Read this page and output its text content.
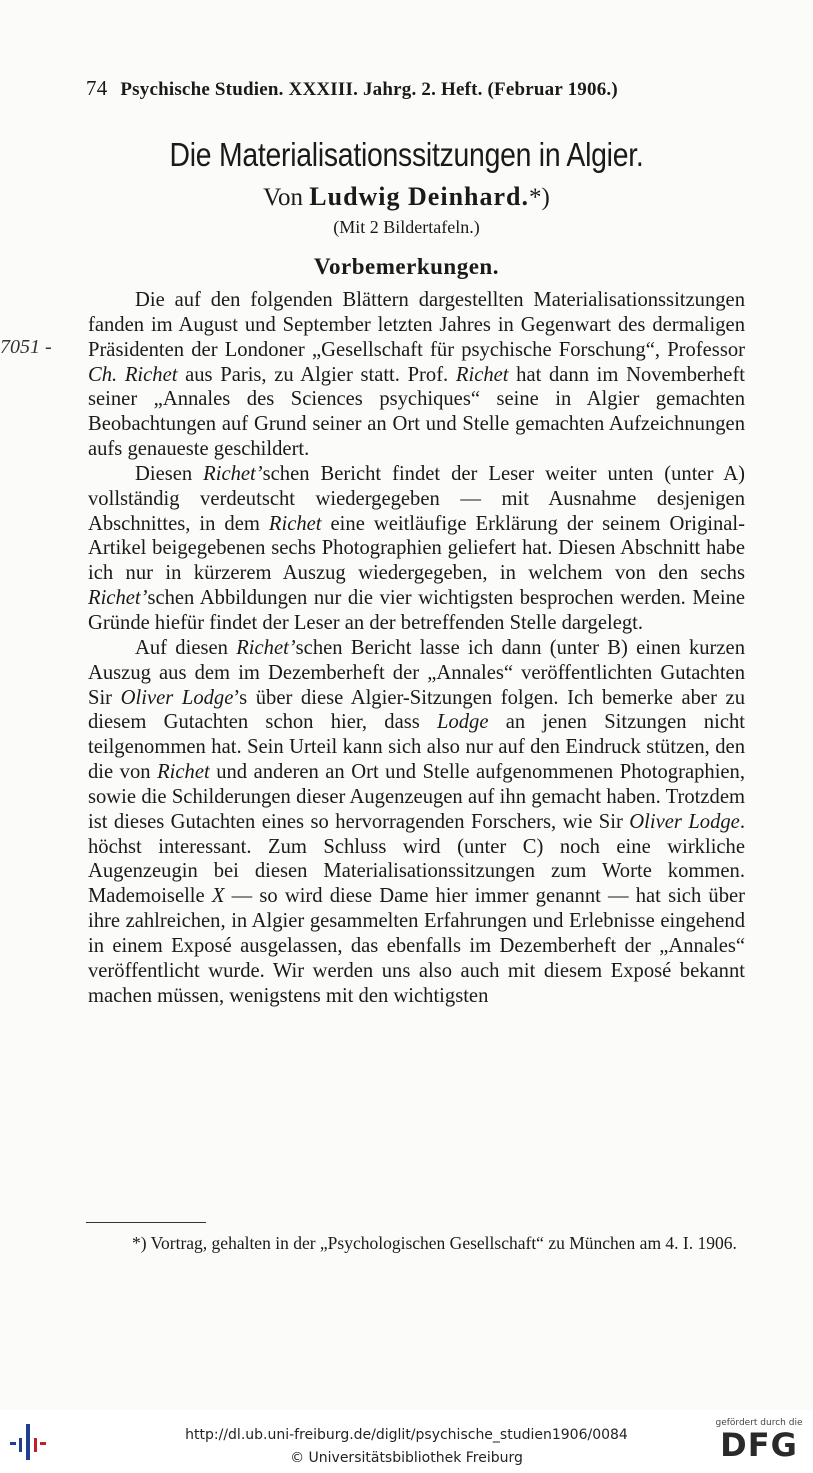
74 Psychische Studien. XXXIII. Jahrg. 2. Heft. (Februar 1906.)
Die Materialisationssitzungen in Algier.
Von Ludwig Deinhard.*)
(Mit 2 Bildertafeln.)
Vorbemerkungen.
7051 -

Die auf den folgenden Blättern dargestellten Materialisationssitzungen fanden im August und September letzten Jahres in Gegenwart des dermaligen Präsidenten der Londoner „Gesellschaft für psychische Forschung“, Professor Ch. Richet aus Paris, zu Algier statt. Prof. Richet hat dann im Novemberheft seiner „Annales des Sciences psychiques“ seine in Algier gemachten Beobachtungen auf Grund seiner an Ort und Stelle gemachten Aufzeichnungen aufs genaueste geschildert.

Diesen Richet’schen Bericht findet der Leser weiter unten (unter A) vollständig verdeutscht wiedergegeben — mit Ausnahme desjenigen Abschnittes, in dem Richet eine weitläufige Erklärung der seinem Original-Artikel beigegebenen sechs Photographien geliefert hat. Diesen Abschnitt habe ich nur in kürzerem Auszug wiedergegeben, in welchem von den sechs Richet’schen Abbildungen nur die vier wichtigsten besprochen werden. Meine Gründe hiefür findet der Leser an der betreffenden Stelle dargelegt.

Auf diesen Richet’schen Bericht lasse ich dann (unter B) einen kurzen Auszug aus dem im Dezemberheft der „Annales“ veröffentlichten Gutachten Sir Oliver Lodge’s über diese Algier-Sitzungen folgen. Ich bemerke aber zu diesem Gutachten schon hier, dass Lodge an jenen Sitzungen nicht teilgenommen hat. Sein Urteil kann sich also nur auf den Eindruck stützen, den die von Richet und anderen an Ort und Stelle aufgenommenen Photographien, sowie die Schilderungen dieser Augenzeugen auf ihn gemacht haben. Trotzdem ist dieses Gutachten eines so hervorragenden Forschers, wie Sir Oliver Lodge. höchst interessant. Zum Schluss wird (unter C) noch eine wirkliche Augenzeugin bei diesen Materialisationssitzungen zum Worte kommen. Mademoiselle X — so wird diese Dame hier immer genannt — hat sich über ihre zahlreichen, in Algier gesammelten Erfahrungen und Erlebnisse eingehend in einem Exposé ausgelassen, das ebenfalls im Dezemberheft der „Annales“ veröffentlicht wurde. Wir werden uns also auch mit diesem Exposé bekannt machen müssen, wenigstens mit den wichtigsten

*) Vortrag, gehalten in der „Psychologischen Gesellschaft“ zu München am 4. I. 1906.
http://dl.ub.uni-freiburg.de/diglit/psychische_studien1906/0084
© Universitätsbibliothek Freiburg
gefördert durch die
DFG
